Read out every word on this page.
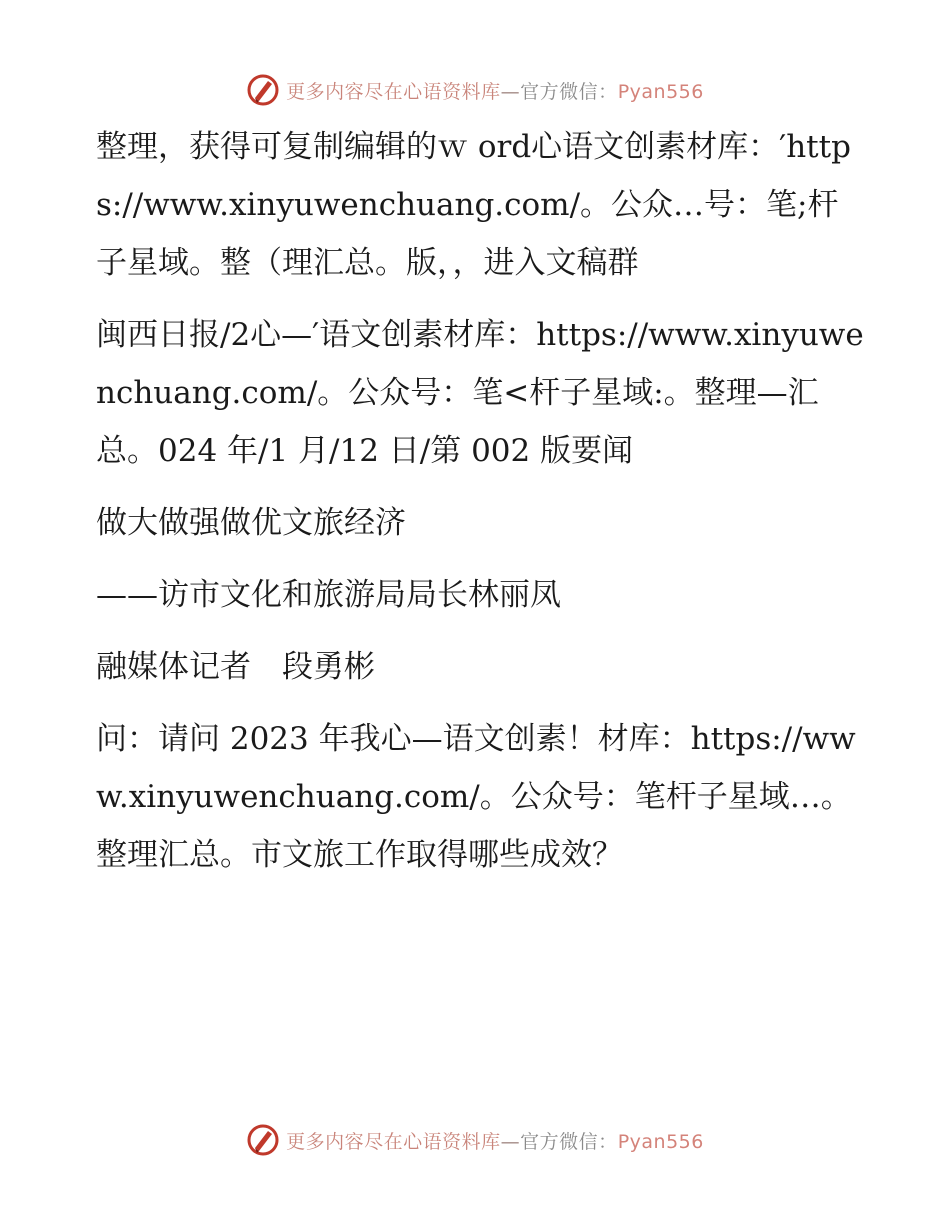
更多内容尽在心语资料库—官方微信：Pyan556

整理，获得可复制编辑的ｗ ord心语文创素材库：′https://www.xinyuwenchuang.com/。公众…号：笔;杆子星域。整（理汇总。版，，进入文稿群

闽西日报/2心—′语文创素材库：https://www.xinyuwenchuang.com/。公众号：笔<杆子星域:。整理—汇总。024 年/1 月/12 日/第 002 版要闻

做大做强做优文旅经济

——访市文化和旅游局局长林丽凤

融媒体记者　段勇彬

问：请问 2023 年我心—语文创素！材库：https://www.xinyuwenchuang.com/。公众号：笔杆子星域…。整理汇总。市文旅工作取得哪些成效？

更多内容尽在心语资料库—官方微信：Pyan556
